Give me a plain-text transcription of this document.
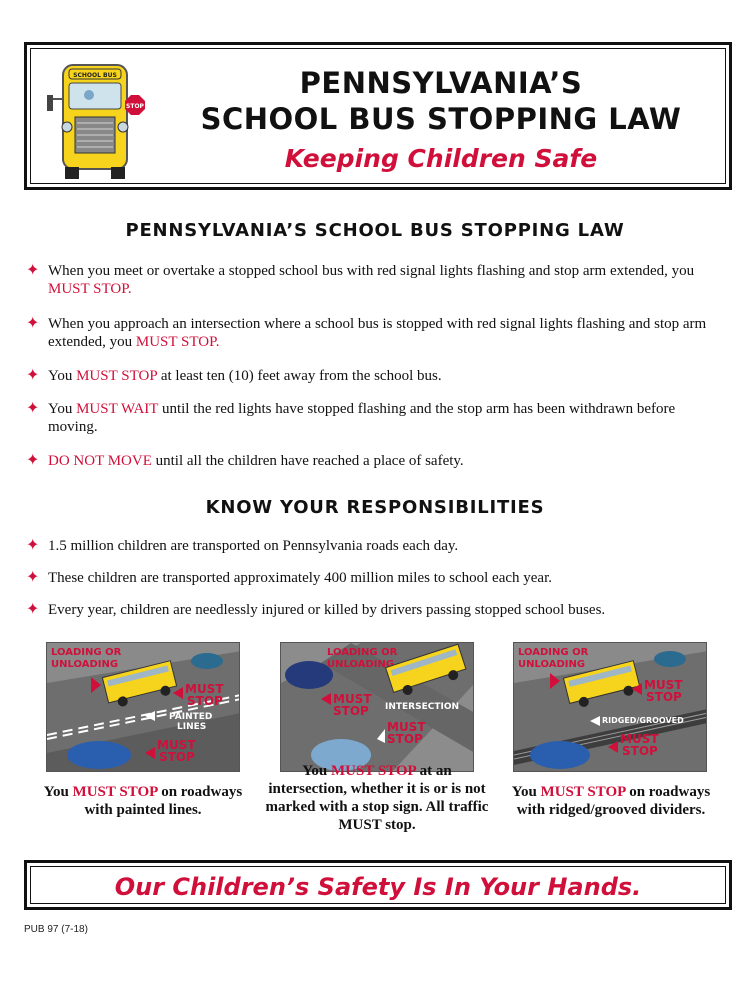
SCHOOL BUS
STOP
PENNSYLVANIA’S
SCHOOL BUS STOPPING LAW
Keeping Children Safe
PENNSYLVANIA’S SCHOOL BUS STOPPING LAW
✦ When you meet or overtake a stopped school bus with red signal lights flashing and stop arm extended, you MUST STOP.
✦ When you approach an intersection where a school bus is stopped with red signal lights flashing and stop arm extended, you MUST STOP.
✦ You MUST STOP at least ten (10) feet away from the school bus.
✦ You MUST WAIT until the red lights have stopped flashing and the stop arm has been withdrawn before moving.
✦ DO NOT MOVE until all the children have reached a place of safety.
KNOW YOUR RESPONSIBILITIES
✦ 1.5 million children are transported on Pennsylvania roads each day.
✦ These children are transported approximately 400 million miles to school each year.
✦ Every year, children are needlessly injured or killed by drivers passing stopped school buses.
LOADING OR
UNLOADING
MUST
STOP
PAINTED
LINES
MUST
STOP
LOADING OR
UNLOADING
MUST
STOP INTERSECTION
MUST
STOP
LOADING OR
UNLOADING
MUST
STOP
RIDGED/GROOVED
MUST
STOP
You MUST STOP on roadways with painted lines.
You MUST STOP at an intersection, whether it is or is not marked with a stop sign. All traffic MUST stop.
You MUST STOP on roadways with ridged/grooved dividers.
Our Children’s Safety Is In Your Hands.
PUB 97 (7-18)
